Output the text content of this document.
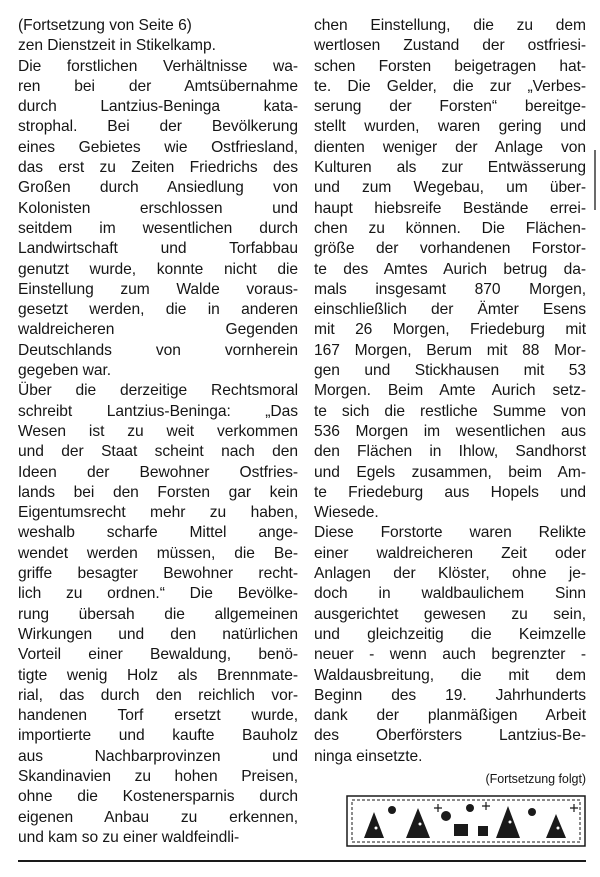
(Fortsetzung von Seite 6)
zen Dienstzeit in Stikelkamp.
Die forstlichen Verhältnisse wa-
ren bei der Amtsübernahme
durch Lantzius-Beninga kata-
strophal. Bei der Bevölkerung
eines Gebietes wie Ostfriesland,
das erst zu Zeiten Friedrichs des
Großen durch Ansiedlung von
Kolonisten erschlossen und
seitdem im wesentlichen durch
Landwirtschaft und Torfabbau
genutzt wurde, konnte nicht die
Einstellung zum Walde voraus-
gesetzt werden, die in anderen
waldreicheren Gegenden
Deutschlands von vornherein
gegeben war.
Über die derzeitige Rechtsmoral
schreibt Lantzius-Beninga: „Das
Wesen ist zu weit verkommen
und der Staat scheint nach den
Ideen der Bewohner Ostfries-
lands bei den Forsten gar kein
Eigentumsrecht mehr zu haben,
weshalb scharfe Mittel ange-
wendet werden müssen, die Be-
griffe besagter Bewohner recht-
lich zu ordnen.“ Die Bevölke-
rung übersah die allgemeinen
Wirkungen und den natürlichen
Vorteil einer Bewaldung, benö-
tigte wenig Holz als Brennmate-
rial, das durch den reichlich vor-
handenen Torf ersetzt wurde,
importierte und kaufte Bauholz
aus Nachbarprovinzen und
Skandinavien zu hohen Preisen,
ohne die Kostenersparnis durch
eigenen Anbau zu erkennen,
und kam so zu einer waldfeindli-
chen Einstellung, die zu dem
wertlosen Zustand der ostfriesi-
schen Forsten beigetragen hat-
te. Die Gelder, die zur „Verbes-
serung der Forsten“ bereitge-
stellt wurden, waren gering und
dienten weniger der Anlage von
Kulturen als zur Entwässerung
und zum Wegebau, um über-
haupt hiebsreife Bestände errei-
chen zu können. Die Flächen-
größe der vorhandenen Forstor-
te des Amtes Aurich betrug da-
mals insgesamt 870 Morgen,
einschließlich der Ämter Esens
mit 26 Morgen, Friedeburg mit
167 Morgen, Berum mit 88 Mor-
gen und Stickhausen mit 53
Morgen. Beim Amte Aurich setz-
te sich die restliche Summe von
536 Morgen im wesentlichen aus
den Flächen in Ihlow, Sandhorst
und Egels zusammen, beim Am-
te Friedeburg aus Hopels und
Wiesede.
Diese Forstorte waren Relikte
einer waldreicheren Zeit oder
Anlagen der Klöster, ohne je-
doch in waldbaulichem Sinn
ausgerichtet gewesen zu sein,
und gleichzeitig die Keimzelle
neuer - wenn auch begrenzter -
Waldausbreitung, die mit dem
Beginn des 19. Jahrhunderts
dank der planmäßigen Arbeit
des Oberförsters Lantzius-Be-
ninga einsetzte.
(Fortsetzung folgt)
